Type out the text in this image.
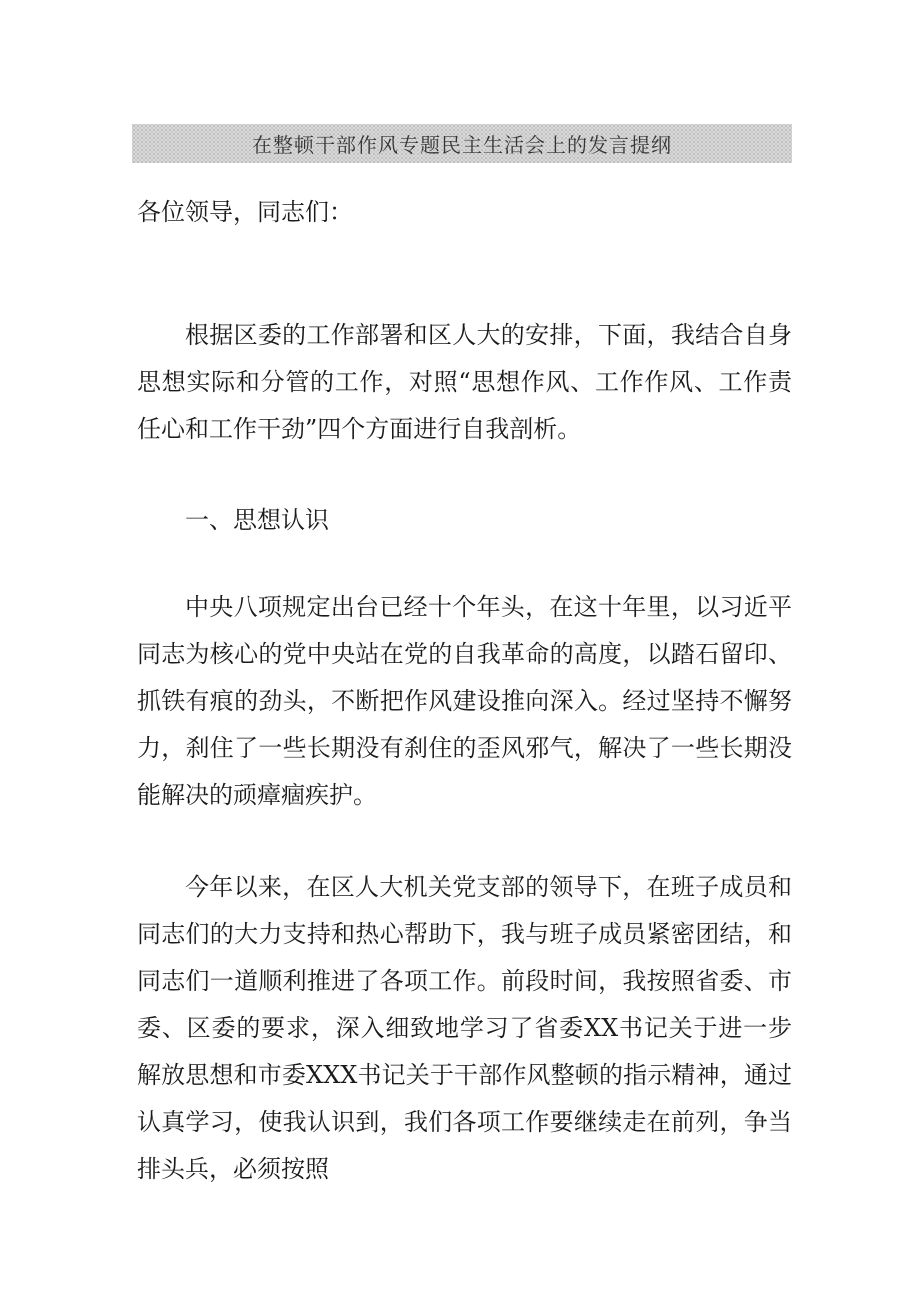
在整顿干部作风专题民主生活会上的发言提纲

各位领导，同志们：

根据区委的工作部署和区人大的安排，下面，我结合自身思想实际和分管的工作，对照“思想作风、工作作风、工作责任心和工作干劲”四个方面进行自我剖析。

一、思想认识

中央八项规定出台已经十个年头，在这十年里，以习近平同志为核心的党中央站在党的自我革命的高度，以踏石留印、抓铁有痕的劲头，不断把作风建设推向深入。经过坚持不懈努力，刹住了一些长期没有刹住的歪风邪气，解决了一些长期没能解决的顽瘴痼疾护。

今年以来，在区人大机关党支部的领导下，在班子成员和同志们的大力支持和热心帮助下，我与班子成员紧密团结，和同志们一道顺利推进了各项工作。前段时间，我按照省委、市委、区委的要求，深入细致地学习了省委XX书记关于进一步解放思想和市委XXX书记关于干部作风整顿的指示精神，通过认真学习，使我认识到，我们各项工作要继续走在前列，争当排头兵，必须按照
